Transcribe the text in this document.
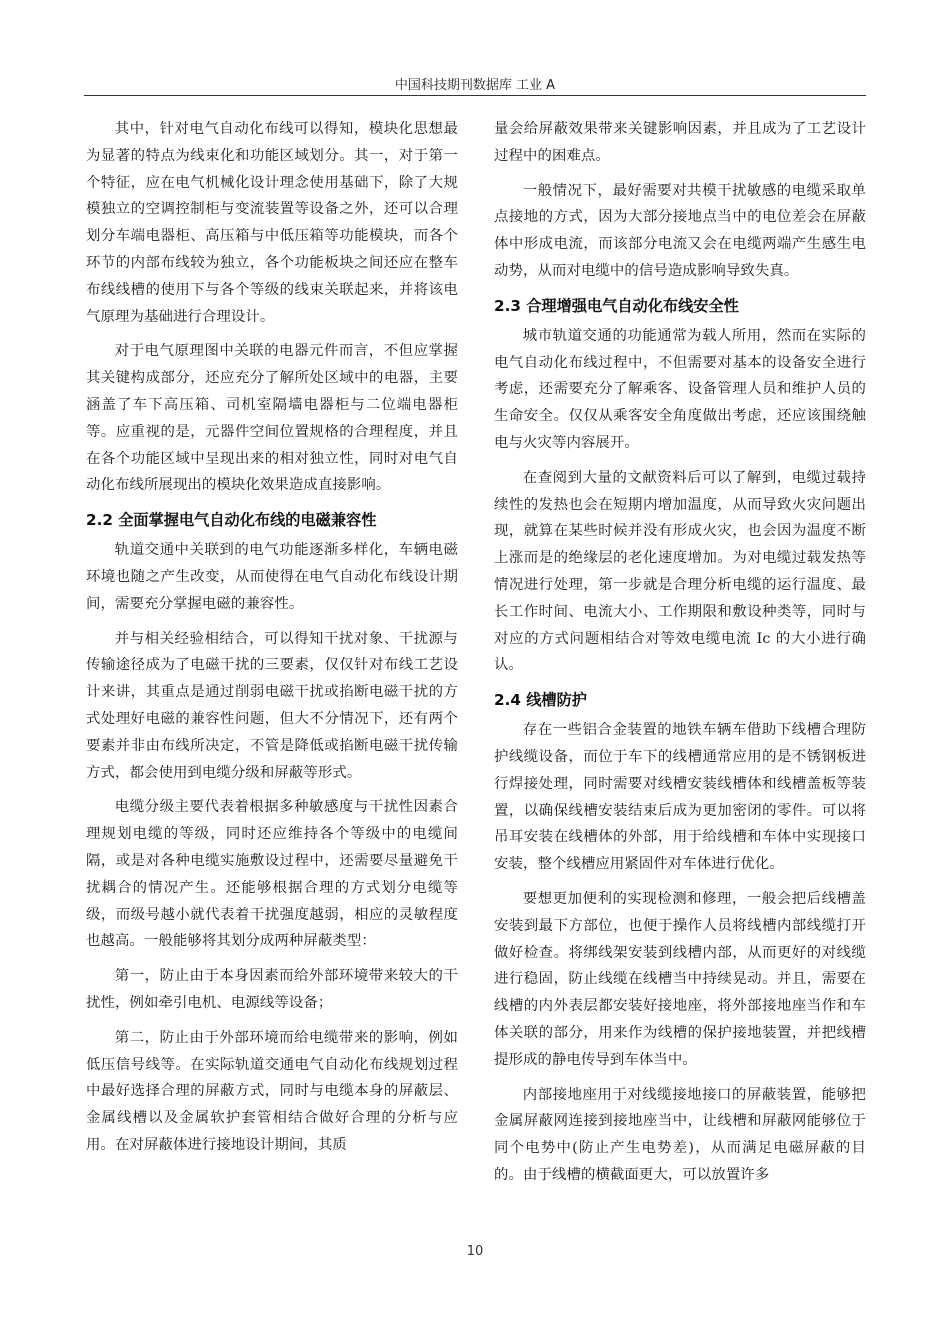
中国科技期刊数据库 工业 A

其中，针对电气自动化布线可以得知，模块化思想最为显著的特点为线束化和功能区域划分。其一，对于第一个特征，应在电气机械化设计理念使用基础下，除了大规模独立的空调控制柜与变流装置等设备之外，还可以合理划分车端电器柜、高压箱与中低压箱等功能模块，而各个环节的内部布线较为独立，各个功能板块之间还应在整车布线线槽的使用下与各个等级的线束关联起来，并将该电气原理为基础进行合理设计。

对于电气原理图中关联的电器元件而言，不但应掌握其关键构成部分，还应充分了解所处区域中的电器，主要涵盖了车下高压箱、司机室隔墙电器柜与二位端电器柜等。应重视的是，元器件空间位置规格的合理程度，并且在各个功能区域中呈现出来的相对独立性，同时对电气自动化布线所展现出的模块化效果造成直接影响。

2.2 全面掌握电气自动化布线的电磁兼容性

轨道交通中关联到的电气功能逐渐多样化，车辆电磁环境也随之产生改变，从而使得在电气自动化布线设计期间，需要充分掌握电磁的兼容性。

并与相关经验相结合，可以得知干扰对象、干扰源与传输途径成为了电磁干扰的三要素，仅仅针对布线工艺设计来讲，其重点是通过削弱电磁干扰或掐断电磁干扰的方式处理好电磁的兼容性问题，但大不分情况下，还有两个要素并非由布线所决定，不管是降低或掐断电磁干扰传输方式，都会使用到电缆分级和屏蔽等形式。

电缆分级主要代表着根据多种敏感度与干扰性因素合理规划电缆的等级，同时还应维持各个等级中的电缆间隔，或是对各种电缆实施敷设过程中，还需要尽量避免干扰耦合的情况产生。还能够根据合理的方式划分电缆等级，而级号越小就代表着干扰强度越弱，相应的灵敏程度也越高。一般能够将其划分成两种屏蔽类型：

第一，防止由于本身因素而给外部环境带来较大的干扰性，例如牵引电机、电源线等设备；

第二，防止由于外部环境而给电缆带来的影响，例如低压信号线等。在实际轨道交通电气自动化布线规划过程中最好选择合理的屏蔽方式，同时与电缆本身的屏蔽层、金属线槽以及金属软护套管相结合做好合理的分析与应用。在对屏蔽体进行接地设计期间，其质

量会给屏蔽效果带来关键影响因素，并且成为了工艺设计过程中的困难点。

一般情况下，最好需要对共模干扰敏感的电缆采取单点接地的方式，因为大部分接地点当中的电位差会在屏蔽体中形成电流，而该部分电流又会在电缆两端产生感生电动势，从而对电缆中的信号造成影响导致失真。

2.3 合理增强电气自动化布线安全性

城市轨道交通的功能通常为载人所用，然而在实际的电气自动化布线过程中，不但需要对基本的设备安全进行考虑，还需要充分了解乘客、设备管理人员和维护人员的生命安全。仅仅从乘客安全角度做出考虑，还应该围绕触电与火灾等内容展开。

在查阅到大量的文献资料后可以了解到，电缆过载持续性的发热也会在短期内增加温度，从而导致火灾问题出现，就算在某些时候并没有形成火灾，也会因为温度不断上涨而是的绝缘层的老化速度增加。为对电缆过载发热等情况进行处理，第一步就是合理分析电缆的运行温度、最长工作时间、电流大小、工作期限和敷设种类等，同时与对应的方式问题相结合对等效电缆电流 Ic 的大小进行确认。

2.4 线槽防护

存在一些铝合金装置的地铁车辆车借助下线槽合理防护线缆设备，而位于车下的线槽通常应用的是不锈钢板进行焊接处理，同时需要对线槽安装线槽体和线槽盖板等装置，以确保线槽安装结束后成为更加密闭的零件。可以将吊耳安装在线槽体的外部，用于给线槽和车体中实现接口安装，整个线槽应用紧固件对车体进行优化。

要想更加便利的实现检测和修理，一般会把后线槽盖安装到最下方部位，也便于操作人员将线槽内部线缆打开做好检查。将绑线架安装到线槽内部，从而更好的对线缆进行稳固，防止线缆在线槽当中持续晃动。并且，需要在线槽的内外表层都安装好接地座，将外部接地座当作和车体关联的部分，用来作为线槽的保护接地装置，并把线槽提形成的静电传导到车体当中。

内部接地座用于对线缆接地接口的屏蔽装置，能够把金属屏蔽网连接到接地座当中，让线槽和屏蔽网能够位于同个电势中(防止产生电势差)，从而满足电磁屏蔽的目的。由于线槽的横截面更大，可以放置许多

10
